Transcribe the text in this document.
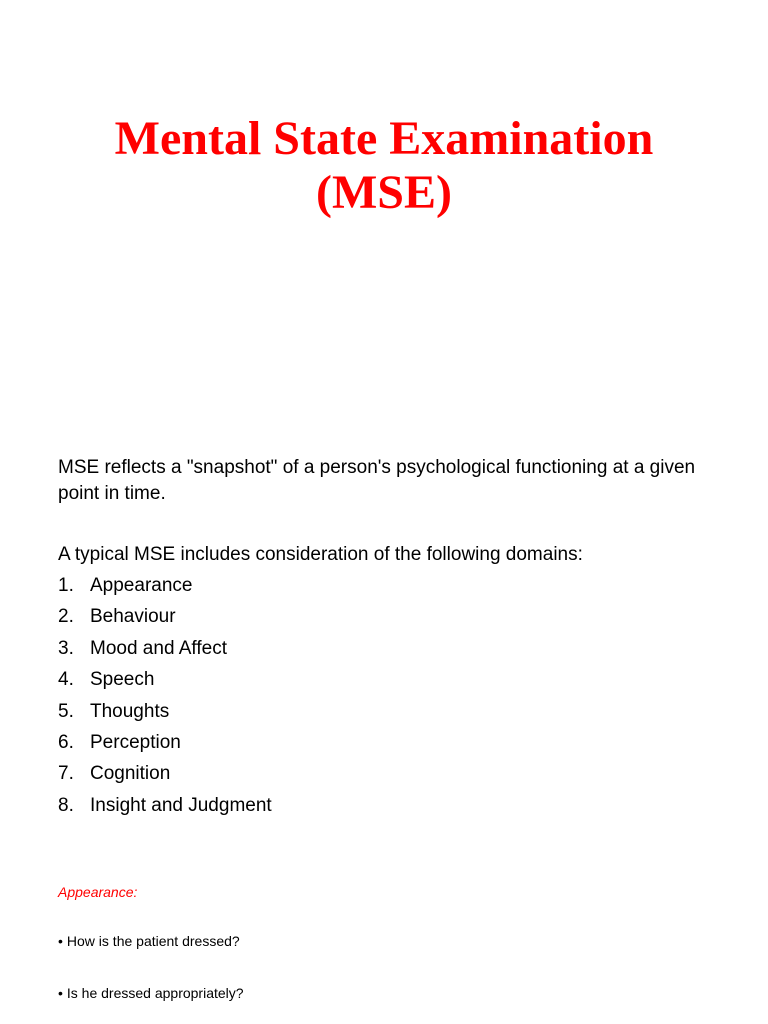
Mental State Examination
(MSE)

MSE reflects a "snapshot" of a person's psychological functioning at a given point in time.

A typical MSE includes consideration of the following domains:

1. Appearance
2. Behaviour
3. Mood and Affect
4. Speech
5. Thoughts
6. Perception
7. Cognition
8. Insight and Judgment

Appearance:

• How is the patient dressed?

• Is he dressed appropriately?
